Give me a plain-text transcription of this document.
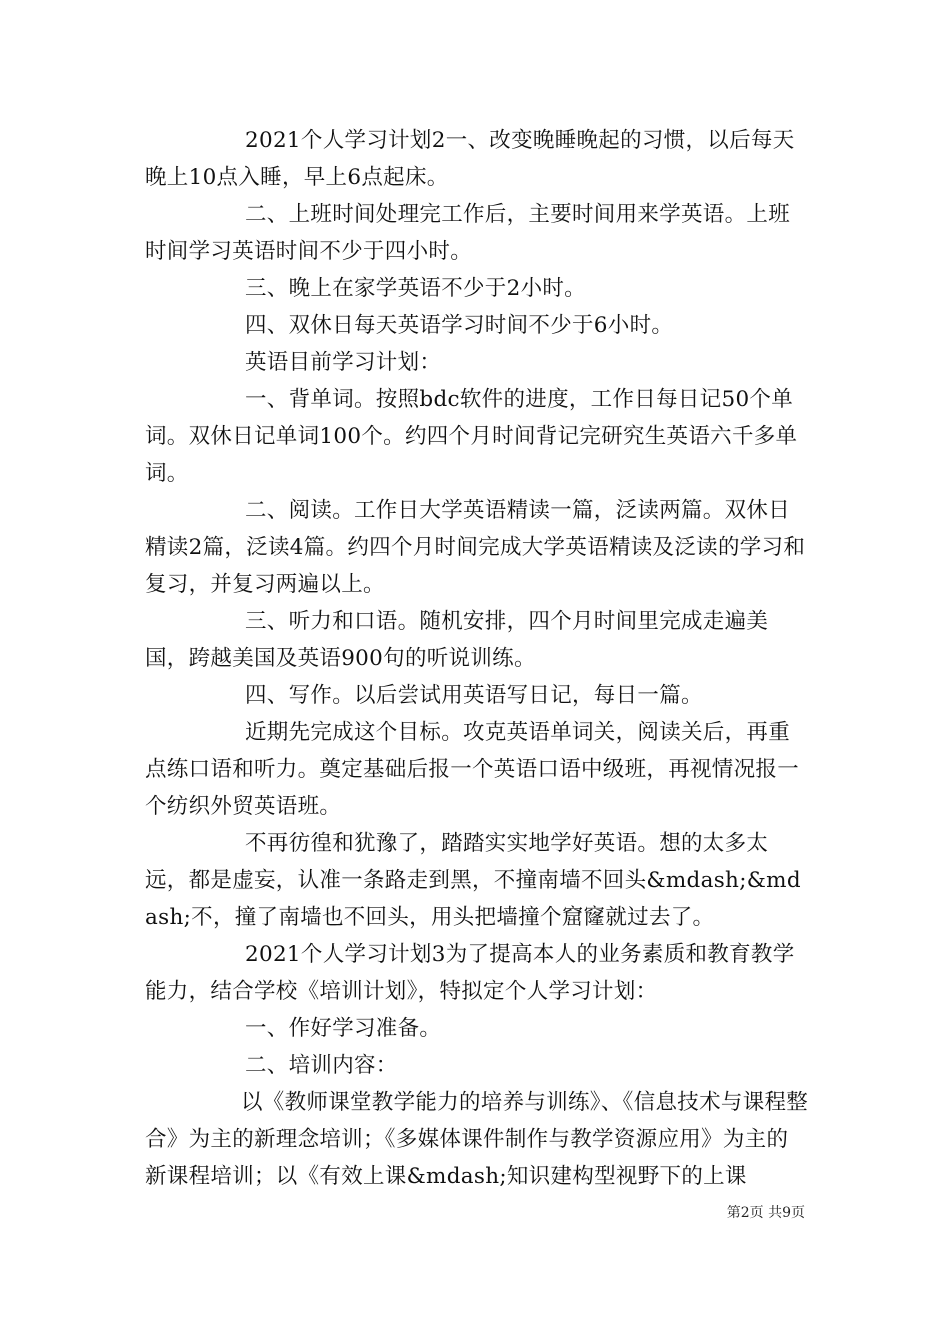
2021个人学习计划2一、改变晚睡晚起的习惯，以后每天晚上10点入睡，早上6点起床。

二、上班时间处理完工作后，主要时间用来学英语。上班时间学习英语时间不少于四小时。

三、晚上在家学英语不少于2小时。

四、双休日每天英语学习时间不少于6小时。

英语目前学习计划：

一、背单词。按照bdc软件的进度，工作日每日记50个单词。双休日记单词100个。约四个月时间背记完研究生英语六千多单词。

二、阅读。工作日大学英语精读一篇，泛读两篇。双休日精读2篇，泛读4篇。约四个月时间完成大学英语精读及泛读的学习和复习，并复习两遍以上。

三、听力和口语。随机安排，四个月时间里完成走遍美国，跨越美国及英语900句的听说训练。

四、写作。以后尝试用英语写日记，每日一篇。

近期先完成这个目标。攻克英语单词关，阅读关后，再重点练口语和听力。奠定基础后报一个英语口语中级班，再视情况报一个纺织外贸英语班。

不再彷徨和犹豫了，踏踏实实地学好英语。想的太多太远，都是虚妄，认准一条路走到黑，不撞南墙不回头&mdash;&mdash;不，撞了南墙也不回头，用头把墙撞个窟窿就过去了。

2021个人学习计划3为了提高本人的业务素质和教育教学能力，结合学校《培训计划》，特拟定个人学习计划：

一、作好学习准备。

二、培训内容：

以《教师课堂教学能力的培养与训练》、《信息技术与课程整合》为主的新理念培训；《多媒体课件制作与教学资源应用》为主的新课程培训；以《有效上课&mdash;知识建构型视野下的上课

第2页 共9页
